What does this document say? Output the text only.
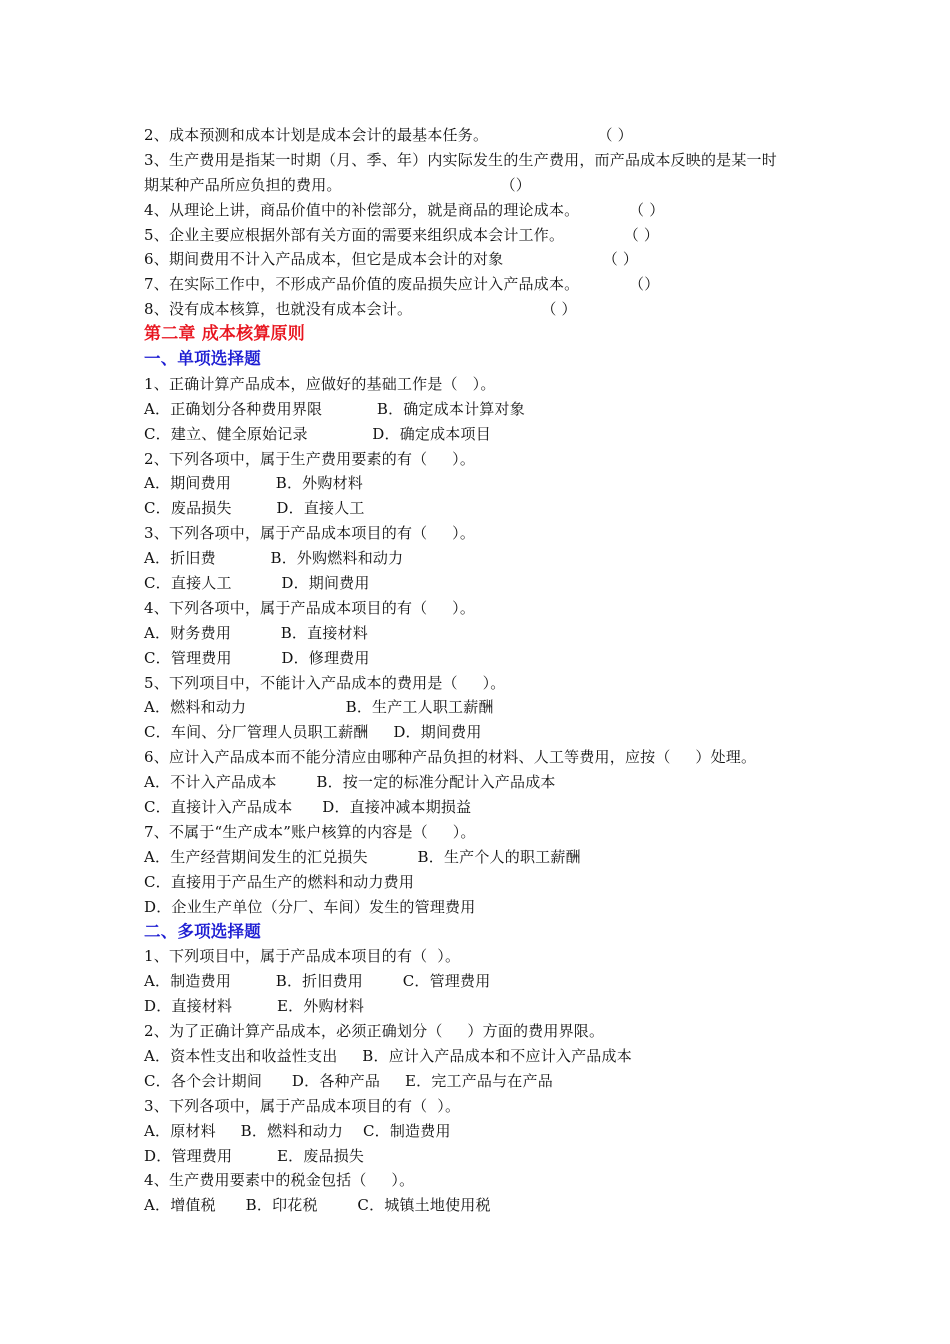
2、成本预测和成本计划是成本会计的最基本任务。                      （ ）
3、生产费用是指某一时期（月、季、年）内实际发生的生产费用，而产品成本反映的是某一时
期某种产品所应负担的费用。                                （）
4、从理论上讲，商品价值中的补偿部分，就是商品的理论成本。          （ ）
5、企业主要应根据外部有关方面的需要来组织成本会计工作。            （ ）
6、期间费用不计入产品成本，但它是成本会计的对象                    （ ）
7、在实际工作中，不形成产品价值的废品损失应计入产品成本。          （）
8、没有成本核算，也就没有成本会计。                          （ ）
第二章 成本核算原则
一、单项选择题
1、正确计算产品成本，应做好的基础工作是（   ）。
A．正确划分各种费用界限           B．确定成本计算对象
C．建立、健全原始记录             D．确定成本项目
2、下列各项中，属于生产费用要素的有（     ）。
A．期间费用         B．外购材料
C．废品损失         D．直接人工
3、下列各项中，属于产品成本项目的有（     ）。
A．折旧费           B．外购燃料和动力
C．直接人工          D．期间费用
4、下列各项中，属于产品成本项目的有（     ）。
A．财务费用          B．直接材料
C．管理费用          D．修理费用
5、下列项目中，不能计入产品成本的费用是（     ）。
A．燃料和动力                    B．生产工人职工薪酬
C．车间、分厂管理人员职工薪酬     D．期间费用
6、应计入产品成本而不能分清应由哪种产品负担的材料、人工等费用，应按（     ）处理。
A．不计入产品成本        B．按一定的标准分配计入产品成本
C．直接计入产品成本      D．直接冲减本期损益
7、不属于“生产成本”账户核算的内容是（     ）。
A．生产经营期间发生的汇兑损失          B．生产个人的职工薪酬
C．直接用于产品生产的燃料和动力费用
D．企业生产单位（分厂、车间）发生的管理费用
二、多项选择题
1、下列项目中，属于产品成本项目的有（  ）。
A．制造费用         B．折旧费用        C．管理费用
D．直接材料         E．外购材料
2、为了正确计算产品成本，必须正确划分（     ）方面的费用界限。
A．资本性支出和收益性支出     B．应计入产品成本和不应计入产品成本
C．各个会计期间      D．各种产品     E．完工产品与在产品
3、下列各项中，属于产品成本项目的有（  ）。
A．原材料     B．燃料和动力    C．制造费用
D．管理费用         E．废品损失
4、生产费用要素中的税金包括（     ）。
A．增值税      B．印花税        C．城镇土地使用税
